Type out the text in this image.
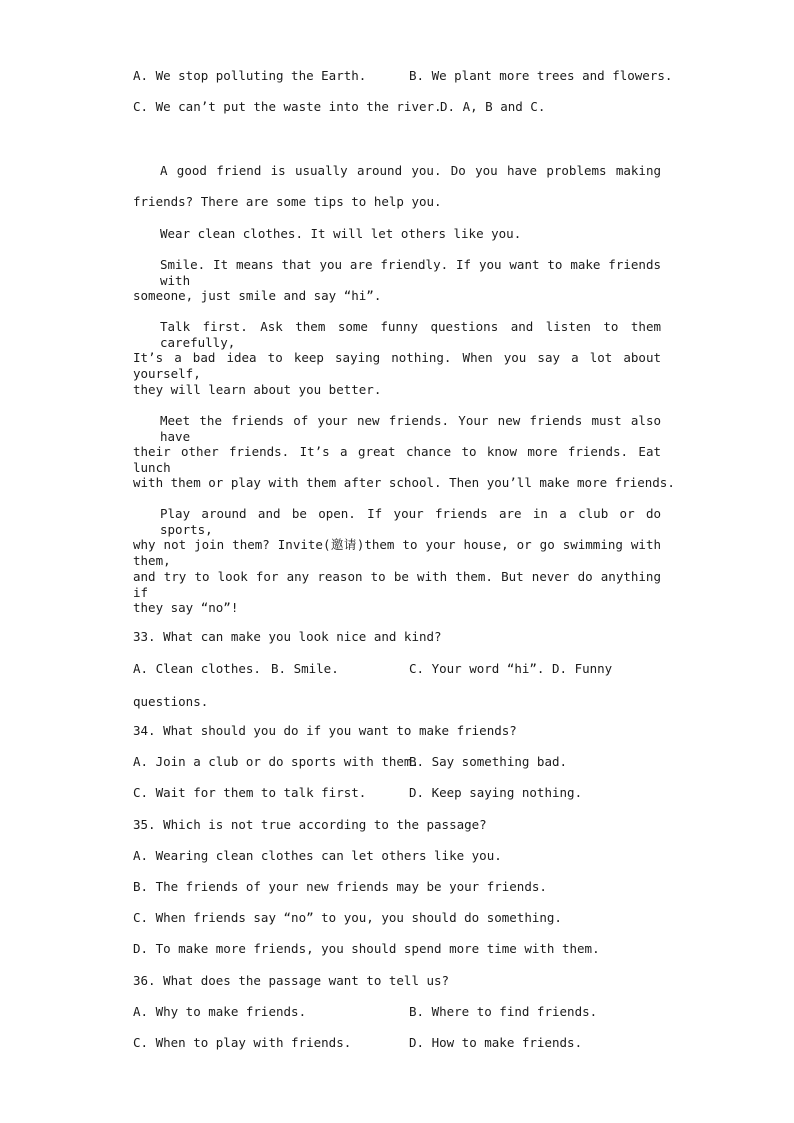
A. We stop polluting the Earth.	B. We plant more trees and flowers.
C. We can’t put the waste into the river.
D. A, B and C.
A good friend is usually around you. Do you have problems making
friends? There are some tips to help you.
Wear clean clothes. It will let others like you.
Smile. It means that you are friendly. If you want to make friends with
someone, just smile and say “hi”.
Talk first. Ask them some funny questions and listen to them carefully,
It’s a bad idea to keep saying nothing. When you say a lot about yourself,
they will learn about you better.
Meet the friends of your new friends. Your new friends must also have
their other friends. It’s a great chance to know more friends. Eat lunch
with them or play with them after school. Then you’ll make more friends.
Play around and be open. If your friends are in a club or do sports,
why not join them? Invite(邀请)them to your house, or go swimming with them,
and try to look for any reason to be with them. But never do anything if
they say “no”!
33. What can make you look nice and kind?
A. Clean clothes. B. Smile.	C. Your word “hi”. D. Funny
questions.
34. What should you do if you want to make friends?
A. Join a club or do sports with them.
B. Say something bad.
C. Wait for them to talk first.	D. Keep saying nothing.
35. Which is not true according to the passage?
A. Wearing clean clothes can let others like you.
B. The friends of your new friends may be your friends.
C. When friends say “no” to you, you should do something.
D. To make more friends, you should spend more time with them.
36. What does the passage want to tell us?
A. Why to make friends.	B. Where to find friends.
C. When to play with friends.	D. How to make friends.
